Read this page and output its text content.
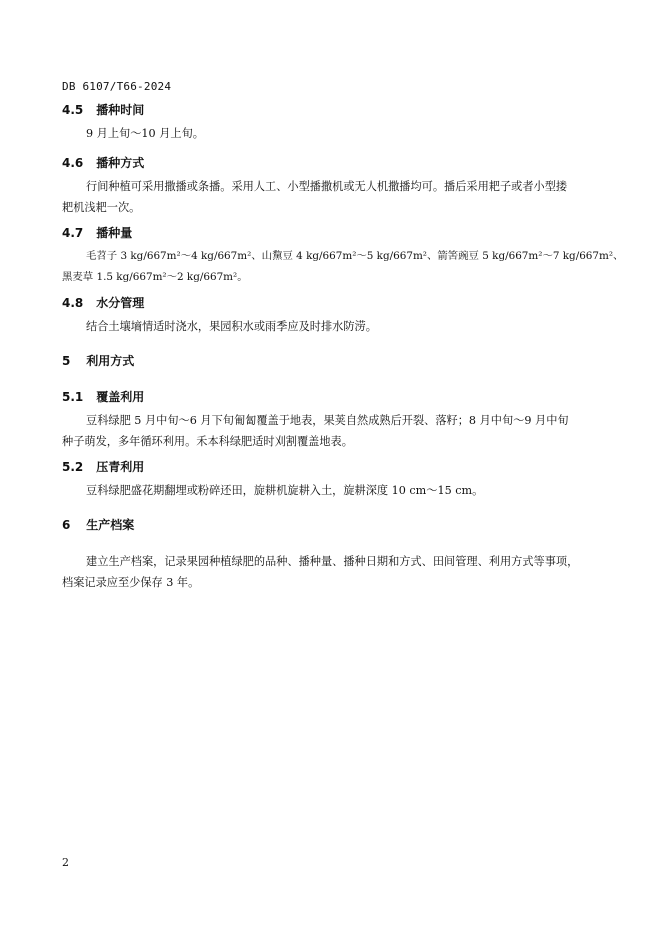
DB 6107/T66-2024
4.5 播种时间
9 月上旬～10 月上旬。
4.6 播种方式
行间种植可采用撒播或条播。采用人工、小型播撒机或无人机撒播均可。播后采用耙子或者小型搂
耙机浅耙一次。
4.7 播种量
毛苕子 3 kg/667m²～4 kg/667m²、山黧豆 4 kg/667m²～5 kg/667m²、箭筈豌豆 5 kg/667m²～7 kg/667m²、
黑麦草 1.5 kg/667m²～2 kg/667m²。
4.8 水分管理
结合土壤墒情适时浇水，果园积水或雨季应及时排水防涝。
5 利用方式
5.1 覆盖利用
豆科绿肥 5 月中旬～6 月下旬匍匐覆盖于地表，果荚自然成熟后开裂、落籽；8 月中旬～9 月中旬
种子萌发，多年循环利用。禾本科绿肥适时刈割覆盖地表。
5.2 压青利用
豆科绿肥盛花期翻埋或粉碎还田，旋耕机旋耕入土，旋耕深度 10 cm～15 cm。
6 生产档案
建立生产档案，记录果园种植绿肥的品种、播种量、播种日期和方式、田间管理、利用方式等事项，
档案记录应至少保存 3 年。
2
